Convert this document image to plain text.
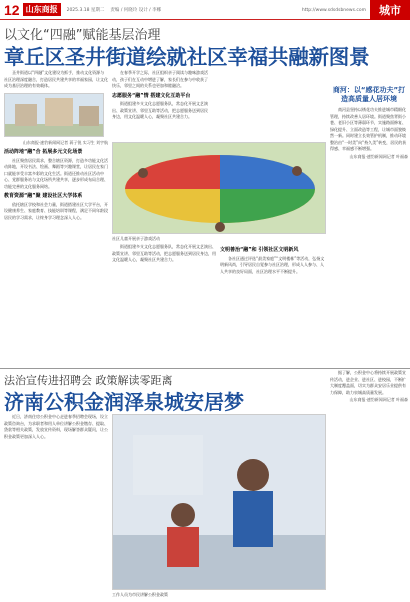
12 山东商报	2025.3.18 星期二 责编 / 何晓玲 设计 / 李娜	http://www.sdsdsbnews.com	城市
以文化“四融”赋能基层治理
章丘区圣井街道绘就社区幸福共融新图景

圣井街道以“四融”文化建设为抓手，推动文化资源与社区治理深度融合，打造居民共建共享的幸福家园，让文化成为基层治理的有效载体。

山东商报·速豹新闻网记者 蒋子锐 实习生 刘宇航
活动阵地“融”合 拓展多元文化场景

社区聚焦居民需求，整合辖区资源，打造多功能文化活动阵地，开设书法、绘画、舞蹈等兴趣课堂，让居民在家门口就能享受丰富多彩的文化生活。街道还推动社区活动中心、党群服务站与文化场所共建共享，逐步形成布局合理、功能完善的文化服务网络。

教育资源“融”聚 建设社区大学体系

依托辖区学校和社会力量，街道搭建社区大学平台，开设健康养生、家庭教育、技能培训等课程，满足不同年龄段居民的学习需求，让终身学习理念深入人心。

在春季开学之际，社区组织亲子阅读与趣味游戏活动，孩子们在互动中增进了解，家长们在参与中收获了快乐，邻里之间的关系也更加和睦融洽。

志愿服务“融”情 搭建文化互助平台

街道组建多支文化志愿服务队，常态化开展文艺演出、政策宣讲、邻里互助等活动，把志愿服务送到居民身边，用文化温暖人心，凝聚社区共建合力。

社区儿童开展亲子游戏活动

街道组建多支文化志愿服务队，常态化开展文艺演出、政策宣讲、邻里互助等活动，把志愿服务送到居民身边，用文化温暖人心，凝聚社区共建合力。

文明善治“融”和 引领社区文明新风

各社区通过评选“最美家庭”“文明楼栋”等活动，弘扬文明新风尚，引导居民自觉参与社区治理，形成人人参与、人人共享的良好局面，社区治理水平不断提升。

商河：以“感花功夫”打造高质量人居环境

商河县坚持以绣花功夫推进城市精细化管理，持续改善人居环境。街道聚焦背街小巷、老旧小区等薄弱环节，实施路面修复、绿化提升、立面改造等工程，让城市面貌焕然一新。同时建立长效管护机制，推动环境整治由“一时美”向“持久美”转变，居民的获得感、幸福感不断增强。

山东商报·速豹新闻网记者 叶福森
法治宣传进招聘会 政策解读零距离
济南公积金润泽泉城安居梦

近日，济南住房公积金中心走进春季招聘会现场，设立政策咨询台，为求职者和用人单位讲解公积金缴存、提取、贷款等相关政策，发放宣传资料，现场解答群众疑问，让公积金政策更加深入人心。

工作人员为市民讲解公积金政策

据了解，公积金中心将持续开展政策宣传活动，进企业、进社区、进校园，不断扩大制度覆盖面，切实为群众安居乐业提供有力保障，助力泉城高质量发展。

山东商报·速豹新闻网记者 叶福森
